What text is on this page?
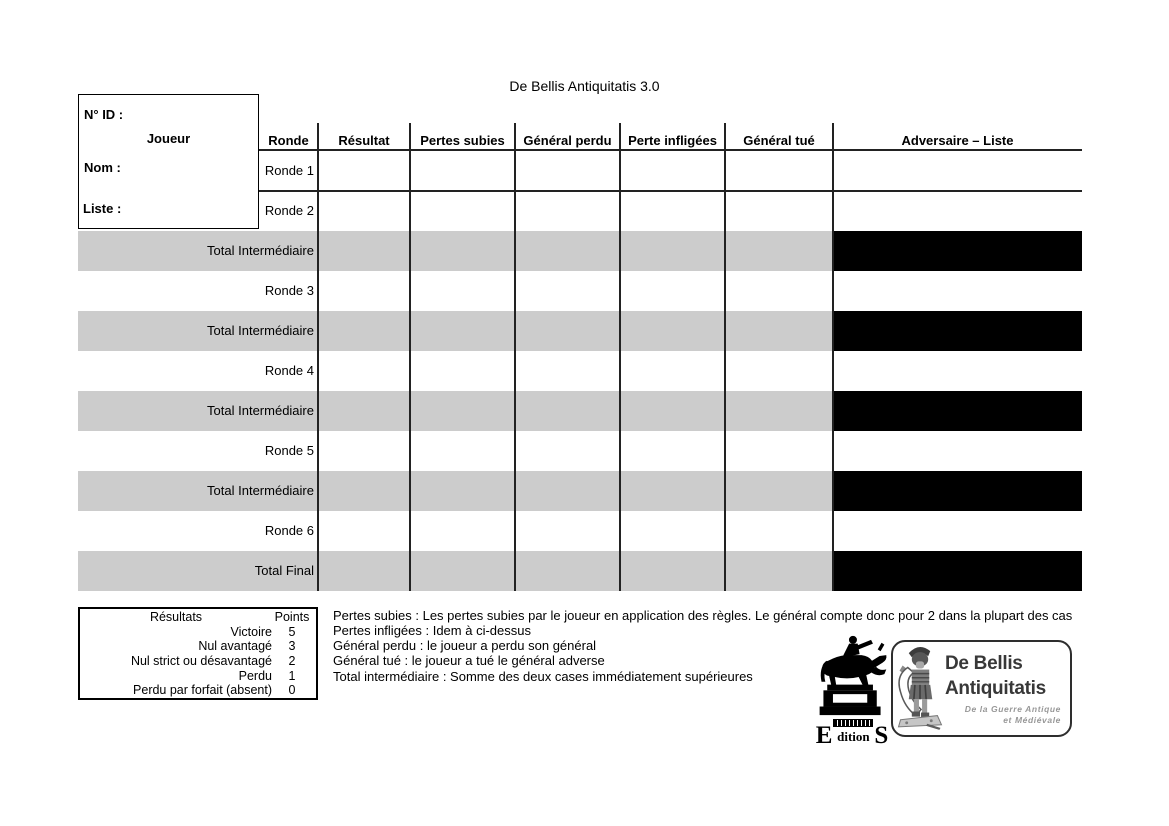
De Bellis Antiquitatis 3.0
N° ID :
Joueur
Nom :
Liste :
Ronde	Résultat	Pertes subies	Général perdu	Perte infligées	Général tué	Adversaire – Liste
Ronde 1
Ronde 2
Total Intermédiaire
Ronde 3
Total Intermédiaire
Ronde 4
Total Intermédiaire
Ronde 5
Total Intermédiaire
Ronde 6
Total Final
Résultats	Points
Victoire	5
Nul avantagé	3
Nul strict ou désavantagé	2
Perdu	1
Perdu par forfait (absent)	0
Pertes subies : Les pertes subies par le joueur en application des règles. Le général compte donc pour 2 dans la plupart des cas
Pertes infligées : Idem à ci-dessus
Général perdu : le joueur a perdu son général
Général tué : le joueur a tué le général adverse
Total intermédiaire : Somme des deux cases immédiatement supérieures
E dition S
De Bellis
Antiquitatis
De la Guerre Antique
et Médiévale
